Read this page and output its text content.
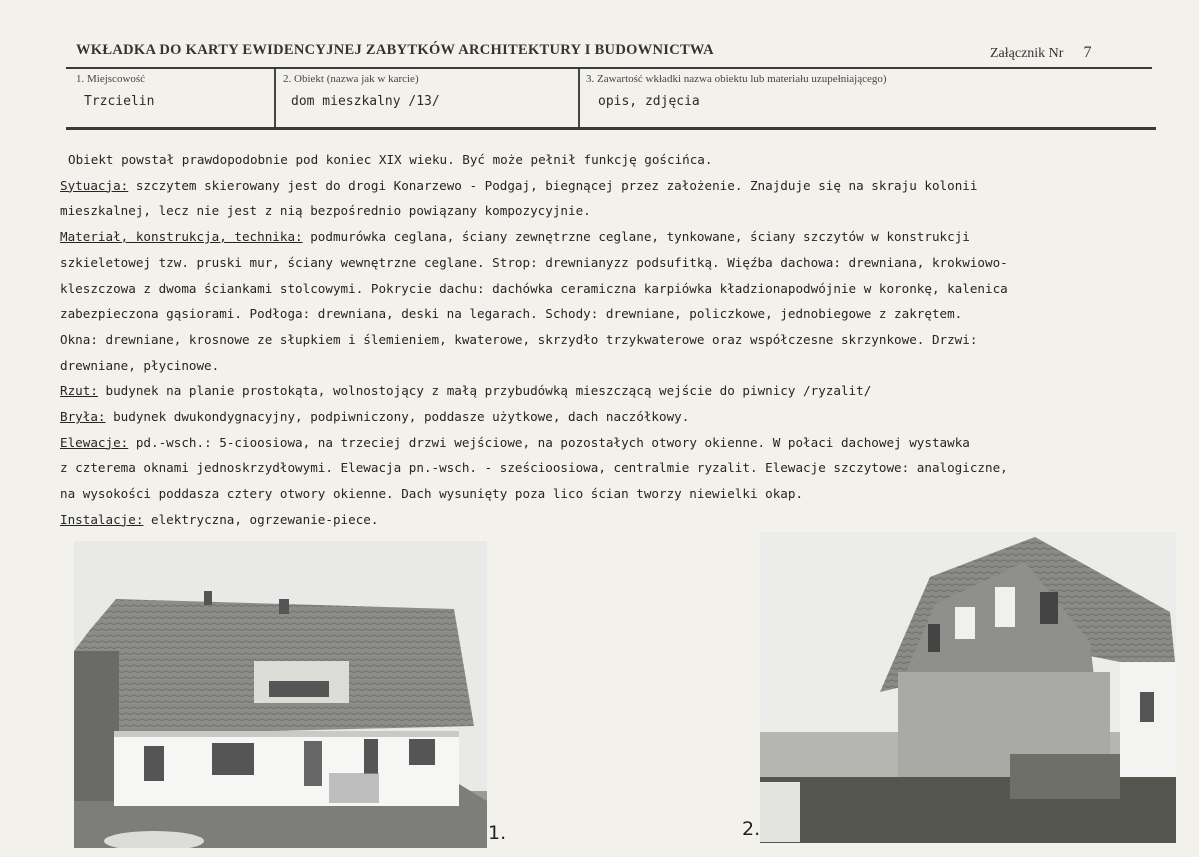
WKŁADKA DO KARTY EWIDENCYJNEJ ZABYTKÓW ARCHITEKTURY I BUDOWNICTWA	Załącznik Nr 7
1. Miejscowość
Trzcielin
2. Obiekt (nazwa jak w karcie)
dom mieszkalny /13/
3. Zawartość wkładki nazwa obiektu lub materiału uzupełniającego)
opis, zdjęcia

Obiekt powstał prawdopodobnie pod koniec XIX wieku. Być może pełnił funkcję gościńca.

Sytuacja: szczytem skierowany jest do drogi Konarzewo - Podgaj, biegnącej przez założenie. Znajduje się na skraju kolonii

mieszkalnej, lecz nie jest z nią bezpośrednio powiązany kompozycyjnie.

Materiał, konstrukcja, technika: podmurówka ceglana, ściany zewnętrzne ceglane, tynkowane, ściany szczytów w konstrukcji

szkieletowej tzw. pruski mur, ściany wewnętrzne ceglane. Strop: drewnianyzz podsufitką. Więźba dachowa: drewniana, krokwiowo-

kleszczowa z dwoma ściankami stolcowymi. Pokrycie dachu: dachówka ceramiczna karpiówka kładzionapodwójnie w koronkę, kalenica

zabezpieczona gąsiorami. Podłoga: drewniana, deski na legarach. Schody: drewniane, policzkowe, jednobiegowe z zakrętem.

Okna: drewniane, krosnowe ze słupkiem i ślemieniem, kwaterowe, skrzydło trzykwaterowe oraz współczesne skrzynkowe. Drzwi:

drewniane, płycinowe.

Rzut: budynek na planie prostokąta, wolnostojący z małą przybudówką mieszczącą wejście do piwnicy /ryzalit/

Bryła: budynek dwukondygnacyjny, podpiwniczony, poddasze użytkowe, dach naczółkowy.

Elewacje: pd.-wsch.: 5-cioosiowa, na trzeciej drzwi wejściowe, na pozostałych otwory okienne. W połaci dachowej wystawka

z czterema oknami jednoskrzydłowymi. Elewacja pn.-wsch. - sześcioosiowa, centralmie ryzalit. Elewacje szczytowe: analogiczne,

na wysokości poddasza cztery otwory okienne. Dach wysunięty poza lico ścian tworzy niewielki okap.

Instalacje: elektryczna, ogrzewanie-piece.

1.	2.
